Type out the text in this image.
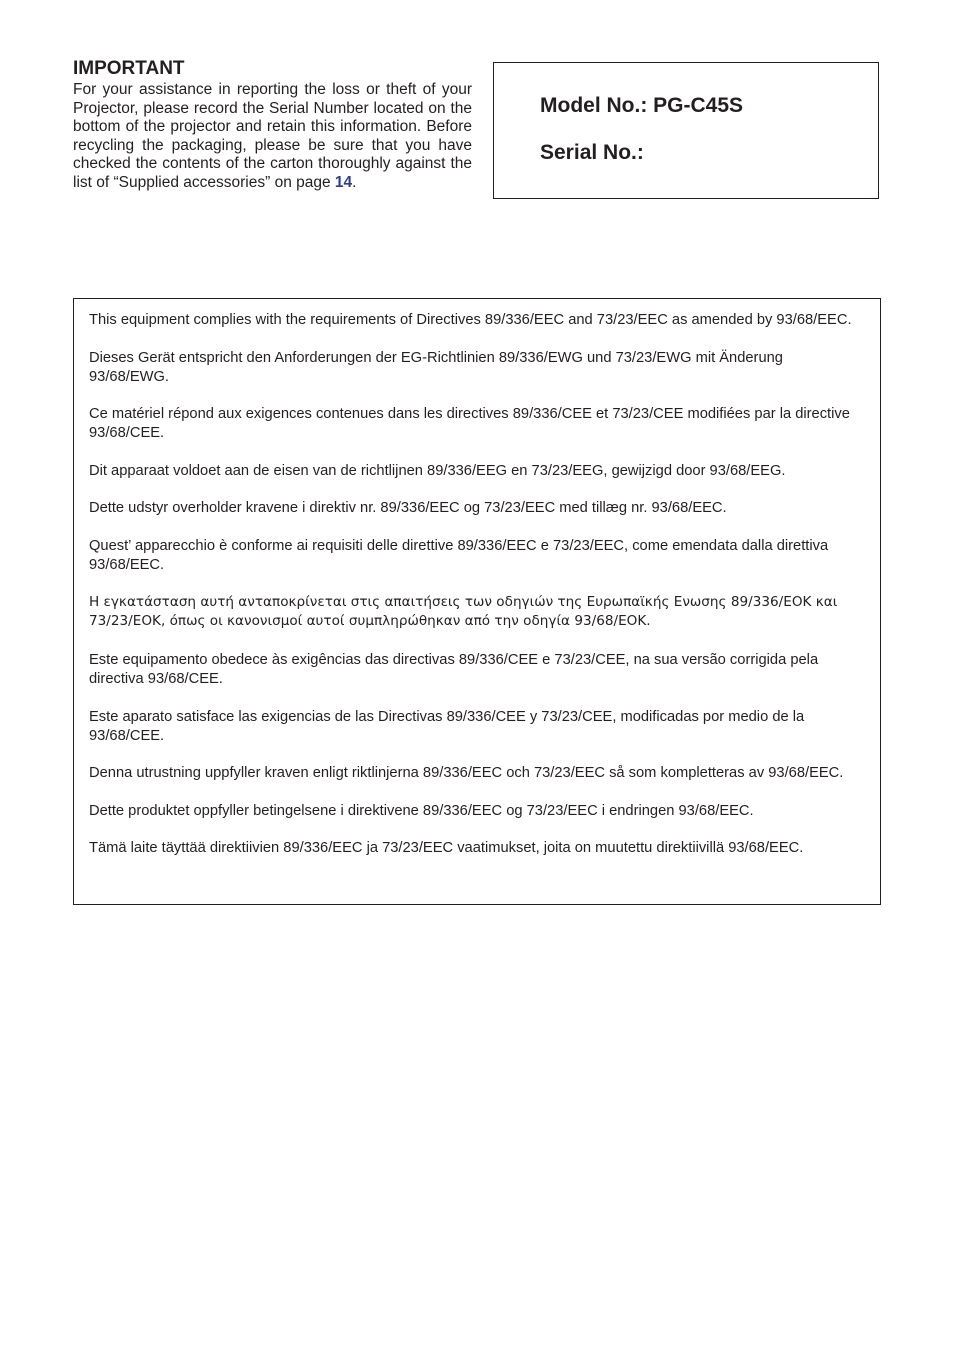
IMPORTANT

For your assistance in reporting the loss or theft of your Projector, please record the Serial Number located on the bottom of the projector and retain this information. Before recycling the packaging, please be sure that you have checked the contents of the carton thoroughly against the list of “Supplied accessories” on page 14.

Model No.: PG-C45S
Serial No.:

This equipment complies with the requirements of Directives 89/336/EEC and 73/23/EEC as amended by 93/68/EEC.

Dieses Gerät entspricht den Anforderungen der EG-Richtlinien 89/336/EWG und 73/23/EWG mit Änderung 93/68/EWG.

Ce matériel répond aux exigences contenues dans les directives 89/336/CEE et 73/23/CEE modifiées par la directive 93/68/CEE.

Dit apparaat voldoet aan de eisen van de richtlijnen 89/336/EEG en 73/23/EEG, gewijzigd door 93/68/EEG.

Dette udstyr overholder kravene i direktiv nr. 89/336/EEC og 73/23/EEC med tillæg nr. 93/68/EEC.

Quest’ apparecchio è conforme ai requisiti delle direttive 89/336/EEC e 73/23/EEC, come emendata dalla direttiva 93/68/EEC.

Η εγκατάσταση αυτή ανταποκρίνεται στις απαιτήσεις των οδηγιών της Ευρωπαϊκής Ενωσης 89/336/ΕΟΚ και 73/23/ΕΟΚ, όπως οι κανονισμοί αυτοί συμπληρώθηκαν από την οδηγία 93/68/ΕΟΚ.

Este equipamento obedece às exigências das directivas 89/336/CEE e 73/23/CEE, na sua versão corrigida pela directiva 93/68/CEE.

Este aparato satisface las exigencias de las Directivas 89/336/CEE y 73/23/CEE, modificadas por medio de la 93/68/CEE.

Denna utrustning uppfyller kraven enligt riktlinjerna 89/336/EEC och 73/23/EEC så som kompletteras av 93/68/EEC.

Dette produktet oppfyller betingelsene i direktivene 89/336/EEC og 73/23/EEC i endringen 93/68/EEC.

Tämä laite täyttää direktiivien 89/336/EEC ja 73/23/EEC vaatimukset, joita on muutettu direktiivillä 93/68/EEC.
